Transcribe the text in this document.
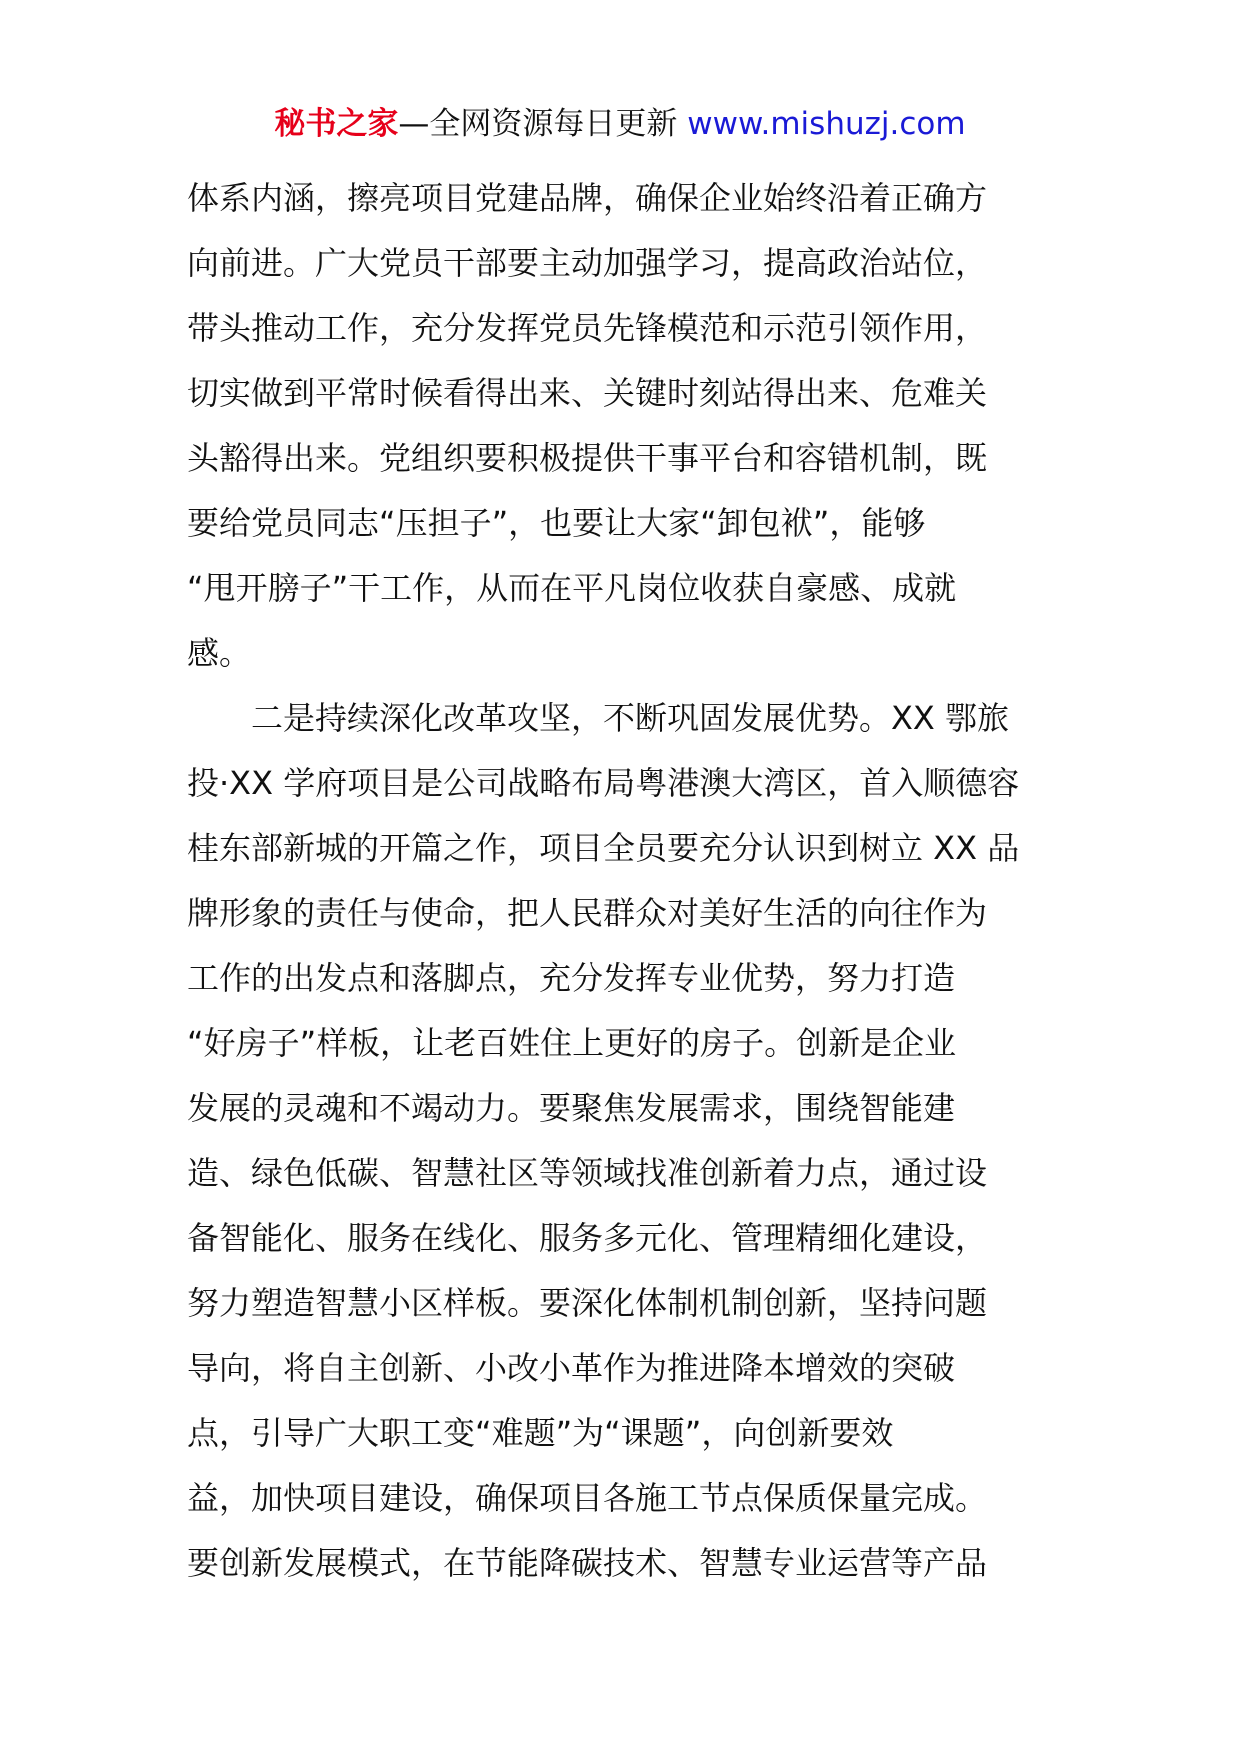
秘书之家—全网资源每日更新 www.mishuzj.com
体系内涵，擦亮项目党建品牌，确保企业始终沿着正确方
向前进。广大党员干部要主动加强学习，提高政治站位，
带头推动工作，充分发挥党员先锋模范和示范引领作用，
切实做到平常时候看得出来、关键时刻站得出来、危难关
头豁得出来。党组织要积极提供干事平台和容错机制，既
要给党员同志“压担子”，也要让大家“卸包袱”，能够
“甩开膀子”干工作，从而在平凡岗位收获自豪感、成就
感。
二是持续深化改革攻坚，不断巩固发展优势。XX 鄂旅
投·XX 学府项目是公司战略布局粤港澳大湾区，首入顺德容
桂东部新城的开篇之作，项目全员要充分认识到树立 XX 品
牌形象的责任与使命，把人民群众对美好生活的向往作为
工作的出发点和落脚点，充分发挥专业优势，努力打造
“好房子”样板，让老百姓住上更好的房子。创新是企业
发展的灵魂和不竭动力。要聚焦发展需求，围绕智能建
造、绿色低碳、智慧社区等领域找准创新着力点，通过设
备智能化、服务在线化、服务多元化、管理精细化建设，
努力塑造智慧小区样板。要深化体制机制创新，坚持问题
导向，将自主创新、小改小革作为推进降本增效的突破
点，引导广大职工变“难题”为“课题”，向创新要效
益，加快项目建设，确保项目各施工节点保质保量完成。
要创新发展模式，在节能降碳技术、智慧专业运营等产品
